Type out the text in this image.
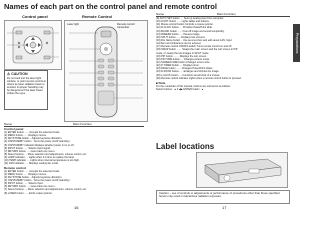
Names of each part on the control panel and remote control
Preparations
Control panel	Remote Control
Remote control transmitter
Laser light
⚠ CAUTION
Do not look into the laser light
window, or point remote control at
others as laser radiation beam is
emitted. Improper handling may
be dangerous if the laser beam
strikes the eyes.
Name	Main Function
Control panel
(1) ENTER button ...... Accepts the selected mode.
(2) MENU button ...... Displays menus.
(3) KEYSTONE button .. Adjusts keystone distortion.
(4) ON/STANDBY button . Turns the power on/off (standby).
(5) ON/STANDBY indicator Displays whether power is on or off.
(6) INPUT button ...... Selects input signal.
(7) RETURN button ..... Goes back one menu.
(8) Select buttons .... Menu selection and adjustments, volume control, etc.
(9) LAMP indicator .... Lights when it is time to replace the lamp.
(10) TEMP indicator .... Lights when internal temperature is too high.
(11) FAN indicator ..... Displays cooling fan mode.
Remote control
(1) ENTER button ...... Accepts the selected mode.
(2) MENU button ...... Displays menus.
(3) KEYSTONE button .. Adjusts keystone distortion.
(4) ON/STANDBY button . Turns the power on/off (standby).
(5) INPUT button ...... Selects input.
(6) RETURN button ..... Goes back one menu.
(7) Select buttons .... Menu selection and adjustments, volume control, etc.
(8) LASER button ...... Emits a laser pointer.
Name	Main Function
(9) AUTO SET button .... Sets up analog input from computer.
(10) LIGHT button ...... Lights tablet and buttons.
(11) Mouse control button Controls a mouse pointer.
(12) R-CLICK button .... Provides PowerPoint slide.
(13) BLANK button ...... Cuts off image and sound temporarily.
(14) FREEZE button ..... Pauses image.
(15) SPLIT button ...... Displays two screens.
(16) File Name button .. Use as a text box and edit saved LAN. Input
numbers and characters can be entered.
(17) Remote control ON/OFF switch Turns remote control on and off.
(18) SWAP button ....... Swaps the main screen and the sub screen in PIP
mode, or swaps the two images in SPLIT mode.
(19) PIP button ........ Displays the sub screen.
(20) PICTURE button .... Changes picture mode.
(21) SCREEN SIZE button Changes screen size.
(22) P-TIMER button .... Displays timer.
(23) PAGE button ....... Changes PowerPoint slides.
(24) D.ZOOM button ..... Enlarges and shrinks the image.
(25) L-CLICK button .... Functions as left click of a mouse.
(26) Remote control indicator Lights when a remote control button is pressed.
■ Note
For the remainder of this manual, buttons are referred to as follows:
Select buttons : ▲▼◀▶ ENTER button : ●
Label locations
Caution – use of controls or adjustments or performance of procedures other than those specified herein may result in hazardous radiation exposure.
16	17
